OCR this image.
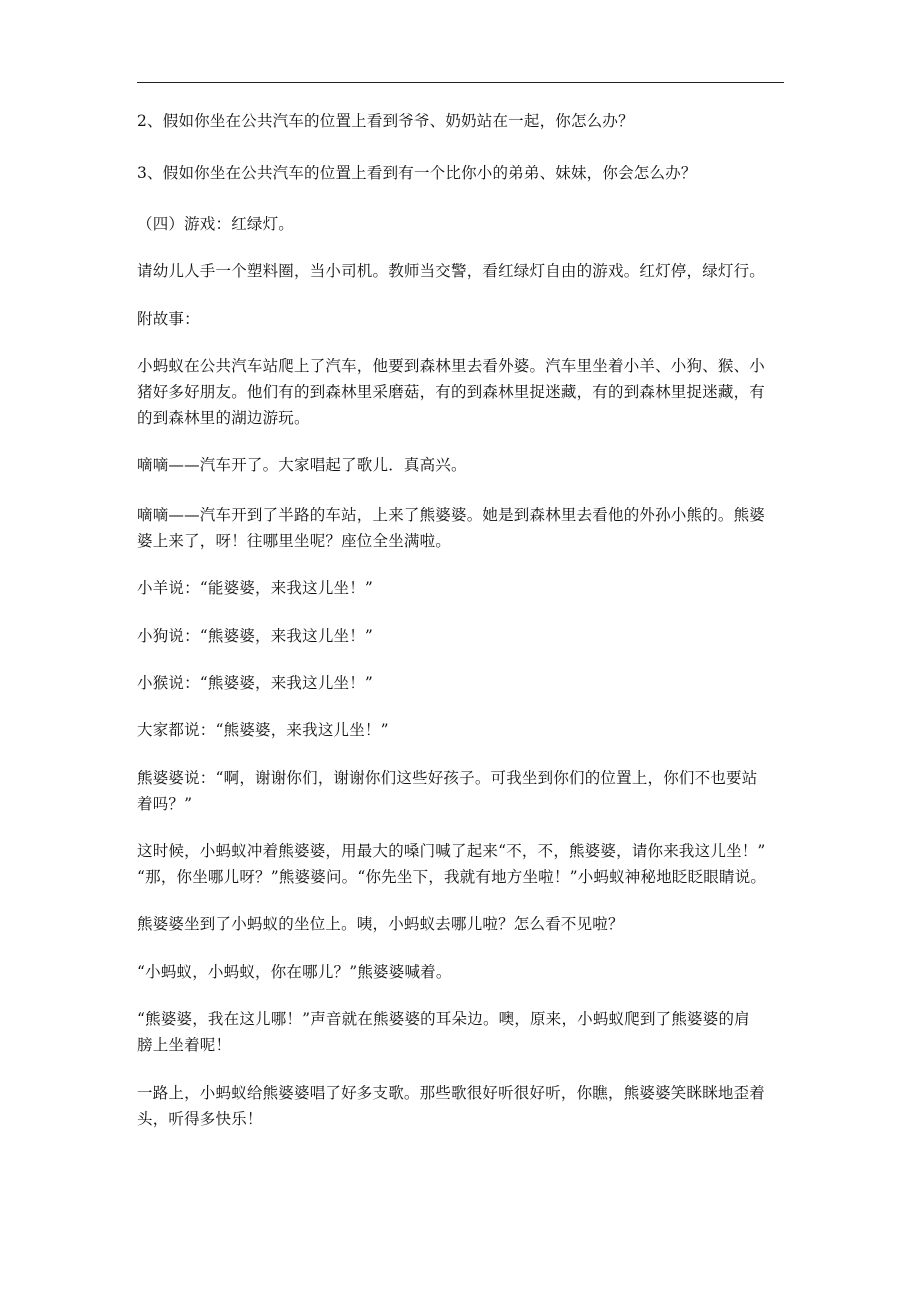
2、假如你坐在公共汽车的位置上看到爷爷、奶奶站在一起，你怎么办？

3、假如你坐在公共汽车的位置上看到有一个比你小的弟弟、妹妹，你会怎么办？

（四）游戏：红绿灯。

请幼儿人手一个塑料圈，当小司机。教师当交警，看红绿灯自由的游戏。红灯停，绿灯行。

附故事：

小蚂蚁在公共汽车站爬上了汽车，他要到森林里去看外婆。汽车里坐着小羊、小狗、猴、小
猪好多好朋友。他们有的到森林里采磨菇，有的到森林里捉迷藏，有的到森林里捉迷藏，有
的到森林里的湖边游玩。

嘀嘀——汽车开了。大家唱起了歌儿．真高兴。

嘀嘀——汽车开到了半路的车站，上来了熊婆婆。她是到森林里去看他的外孙小熊的。熊婆
婆上来了，呀！往哪里坐呢？座位全坐满啦。

小羊说：“能婆婆，来我这儿坐！”

小狗说：“熊婆婆，来我这儿坐！”

小猴说：“熊婆婆，来我这儿坐！”

大家都说：“熊婆婆，来我这儿坐！”

熊婆婆说：“啊，谢谢你们，谢谢你们这些好孩子。可我坐到你们的位置上，你们不也要站
着吗？”

这时候，小蚂蚁冲着熊婆婆，用最大的嗓门喊了起来“不，不，熊婆婆，请你来我这儿坐！”
“那，你坐哪儿呀？”熊婆婆问。“你先坐下，我就有地方坐啦！”小蚂蚁神秘地眨眨眼睛说。

熊婆婆坐到了小蚂蚁的坐位上。咦，小蚂蚁去哪儿啦？怎么看不见啦？

“小蚂蚁，小蚂蚁，你在哪儿？”熊婆婆喊着。

“熊婆婆，我在这儿哪！”声音就在熊婆婆的耳朵边。噢，原来，小蚂蚁爬到了熊婆婆的肩
膀上坐着呢！

一路上，小蚂蚁给熊婆婆唱了好多支歌。那些歌很好听很好听，你瞧，熊婆婆笑眯眯地歪着
头，听得多快乐！
